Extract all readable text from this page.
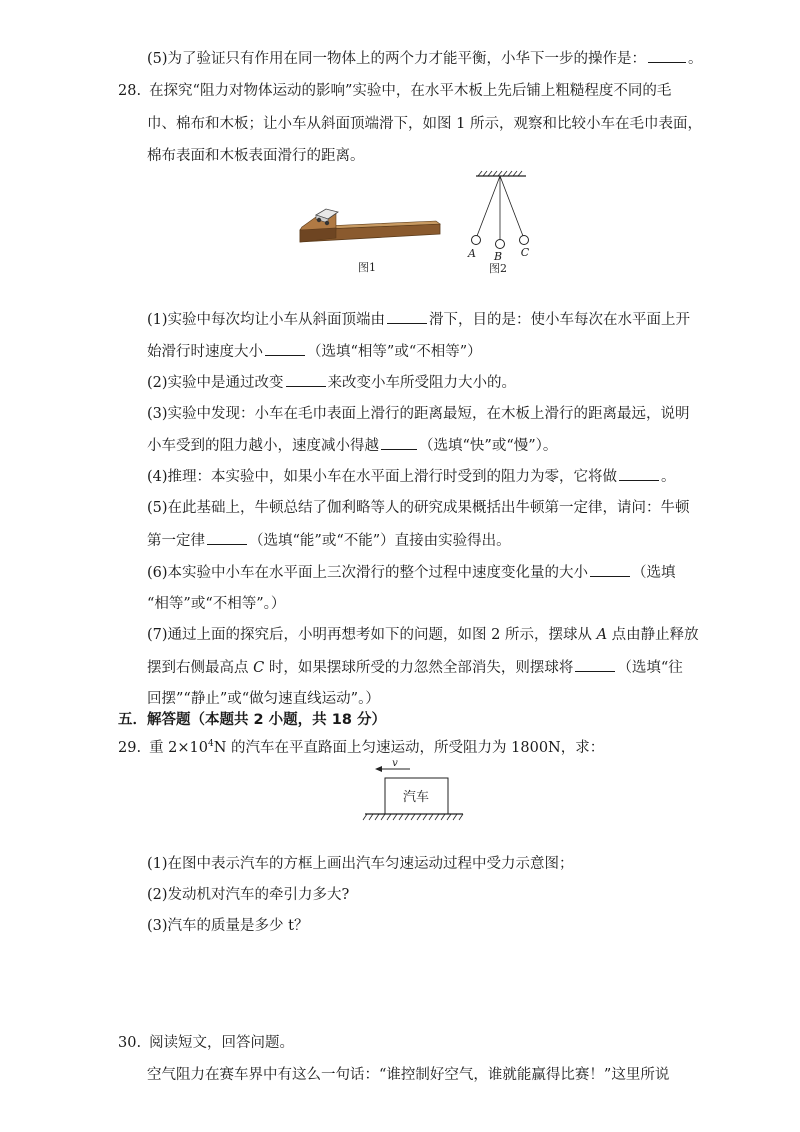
(5)为了验证只有作用在同一物体上的两个力才能平衡，小华下一步的操作是：	。
28. 在探究“阻力对物体运动的影响”实验中，在水平木板上先后铺上粗糙程度不同的毛
巾、棉布和木板；让小车从斜面顶端滑下，如图 1 所示，观察和比较小车在毛巾表面，
棉布表面和木板表面滑行的距离。
图1
A B C
图2
(1)实验中每次均让小车从斜面顶端由	滑下，目的是：使小车每次在水平面上开
始滑行时速度大小	（选填“相等”或“不相等”）
(2)实验中是通过改变	来改变小车所受阻力大小的。
(3)实验中发现：小车在毛巾表面上滑行的距离最短，在木板上滑行的距离最远，说明
小车受到的阻力越小，速度减小得越	（选填“快”或“慢”）。
(4)推理：本实验中，如果小车在水平面上滑行时受到的阻力为零，它将做	。
(5)在此基础上，牛顿总结了伽利略等人的研究成果概括出牛顿第一定律，请问：牛顿
第一定律	（选填“能”或“不能”）直接由实验得出。
(6)本实验中小车在水平面上三次滑行的整个过程中速度变化量的大小	（选填
“相等”或“不相等”。）
(7)通过上面的探究后，小明再想考如下的问题，如图 2 所示，摆球从 A 点由静止释放
摆到右侧最高点 C 时，如果摆球所受的力忽然全部消失，则摆球将	（选填“往
回摆”“静止”或“做匀速直线运动”。）
五．解答题（本题共 2 小题，共 18 分）
29. 重 $2\times 10^4N$ 的汽车在平直路面上匀速运动，所受阻力为 1800N，求：
v
汽车
(1)在图中表示汽车的方框上画出汽车匀速运动过程中受力示意图；
(2)发动机对汽车的牵引力多大?
(3)汽车的质量是多少 t？
30. 阅读短文，回答问题。
空气阻力在赛车界中有这么一句话：“谁控制好空气，谁就能赢得比赛！”这里所说
